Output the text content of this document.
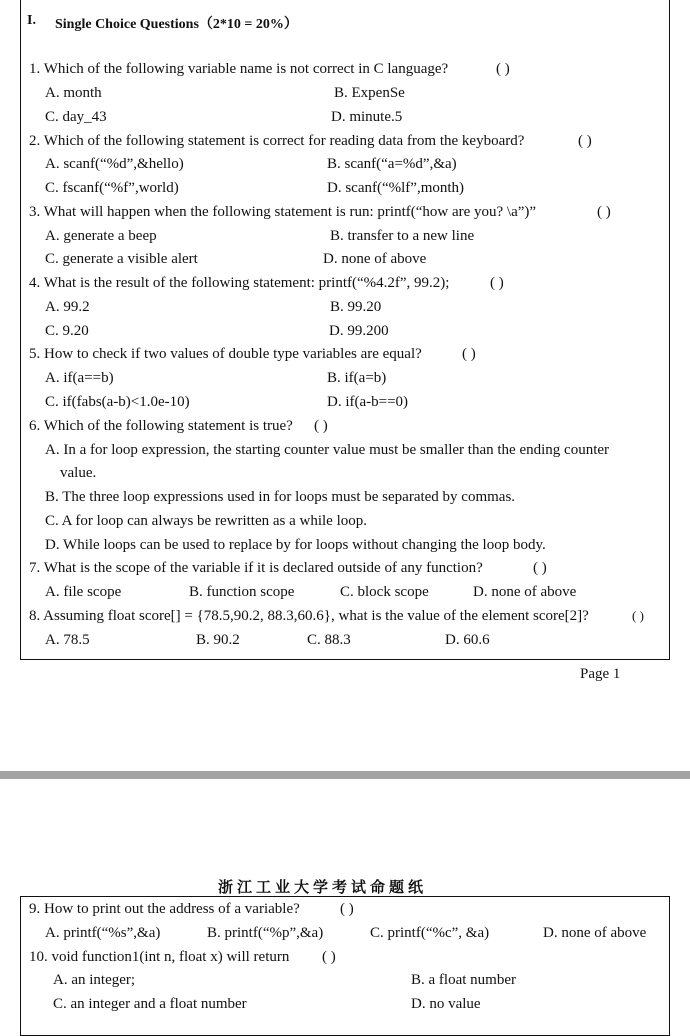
I. Single Choice Questions（2*10 = 20%）
1. Which of the following variable name is not correct in C language?	( )
A. month	B. ExpenSe
C. day_43	D. minute.5
2. Which of the following statement is correct for reading data from the keyboard?	( )
A. scanf(“%d”,&hello)	B. scanf(“a=%d”,&a)
C. fscanf(“%f”,world)	D. scanf(“%lf”,month)
3. What will happen when the following statement is run: printf(“how are you? \a”)”	( )
A. generate a beep	B. transfer to a new line
C. generate a visible alert	D. none of above
4. What is the result of the following statement: printf(“%4.2f”, 99.2);	( )
A. 99.2	B. 99.20
C. 9.20	D. 99.200
5. How to check if two values of double type variables are equal?	( )
A. if(a==b)	B. if(a=b)
C. if(fabs(a-b)<1.0e-10)	D. if(a-b==0)
6. Which of the following statement is true? ( )
A. In a for loop expression, the starting counter value must be smaller than the ending counter
value.
B. The three loop expressions used in for loops must be separated by commas.
C. A for loop can always be rewritten as a while loop.
D. While loops can be used to replace by for loops without changing the loop body.
7. What is the scope of the variable if it is declared outside of any function?	( )
A. file scope	B. function scope	C. block scope	D. none of above
8. Assuming float score[] = {78.5,90.2, 88.3,60.6}, what is the value of the element score[2]?	( )
A. 78.5	B. 90.2	C. 88.3	D. 60.6
Page 1
浙江工业大学考试命题纸
9. How to print out the address of a variable?	( )
A. printf(“%s”,&a)	B. printf(“%p”,&a)	C. printf(“%c”, &a)	D. none of above
10. void function1(int n, float x) will return ( )
A. an integer;	B. a float number
C. an integer and a float number	D. no value
